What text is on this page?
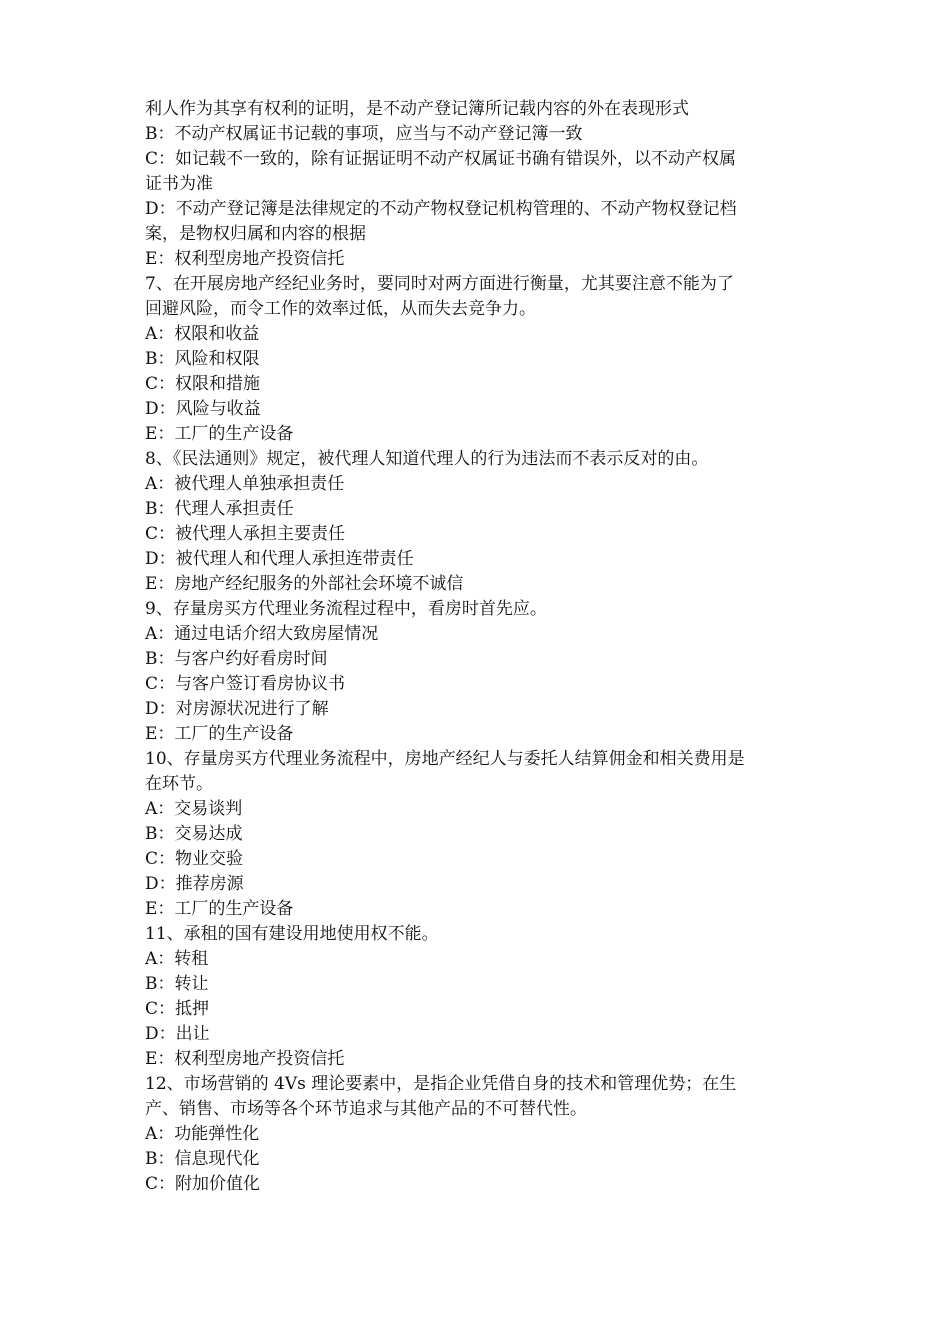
利人作为其享有权利的证明，是不动产登记簿所记载内容的外在表现形式
B：不动产权属证书记载的事项，应当与不动产登记簿一致
C：如记载不一致的，除有证据证明不动产权属证书确有错误外，以不动产权属
证书为准
D：不动产登记簿是法律规定的不动产物权登记机构管理的、不动产物权登记档
案，是物权归属和内容的根据
E：权利型房地产投资信托
7、在开展房地产经纪业务时，要同时对两方面进行衡量，尤其要注意不能为了
回避风险，而令工作的效率过低，从而失去竞争力。
A：权限和收益
B：风险和权限
C：权限和措施
D：风险与收益
E：工厂的生产设备
8、《民法通则》规定，被代理人知道代理人的行为违法而不表示反对的由。
A：被代理人单独承担责任
B：代理人承担责任
C：被代理人承担主要责任
D：被代理人和代理人承担连带责任
E：房地产经纪服务的外部社会环境不诚信
9、存量房买方代理业务流程过程中，看房时首先应。
A：通过电话介绍大致房屋情况
B：与客户约好看房时间
C：与客户签订看房协议书
D：对房源状况进行了解
E：工厂的生产设备
10、存量房买方代理业务流程中，房地产经纪人与委托人结算佣金和相关费用是
在环节。
A：交易谈判
B：交易达成
C：物业交验
D：推荐房源
E：工厂的生产设备
11、承租的国有建设用地使用权不能。
A：转租
B：转让
C：抵押
D：出让
E：权利型房地产投资信托
12、市场营销的 4Vs 理论要素中，是指企业凭借自身的技术和管理优势；在生
产、销售、市场等各个环节追求与其他产品的不可替代性。
A：功能弹性化
B：信息现代化
C：附加价值化
